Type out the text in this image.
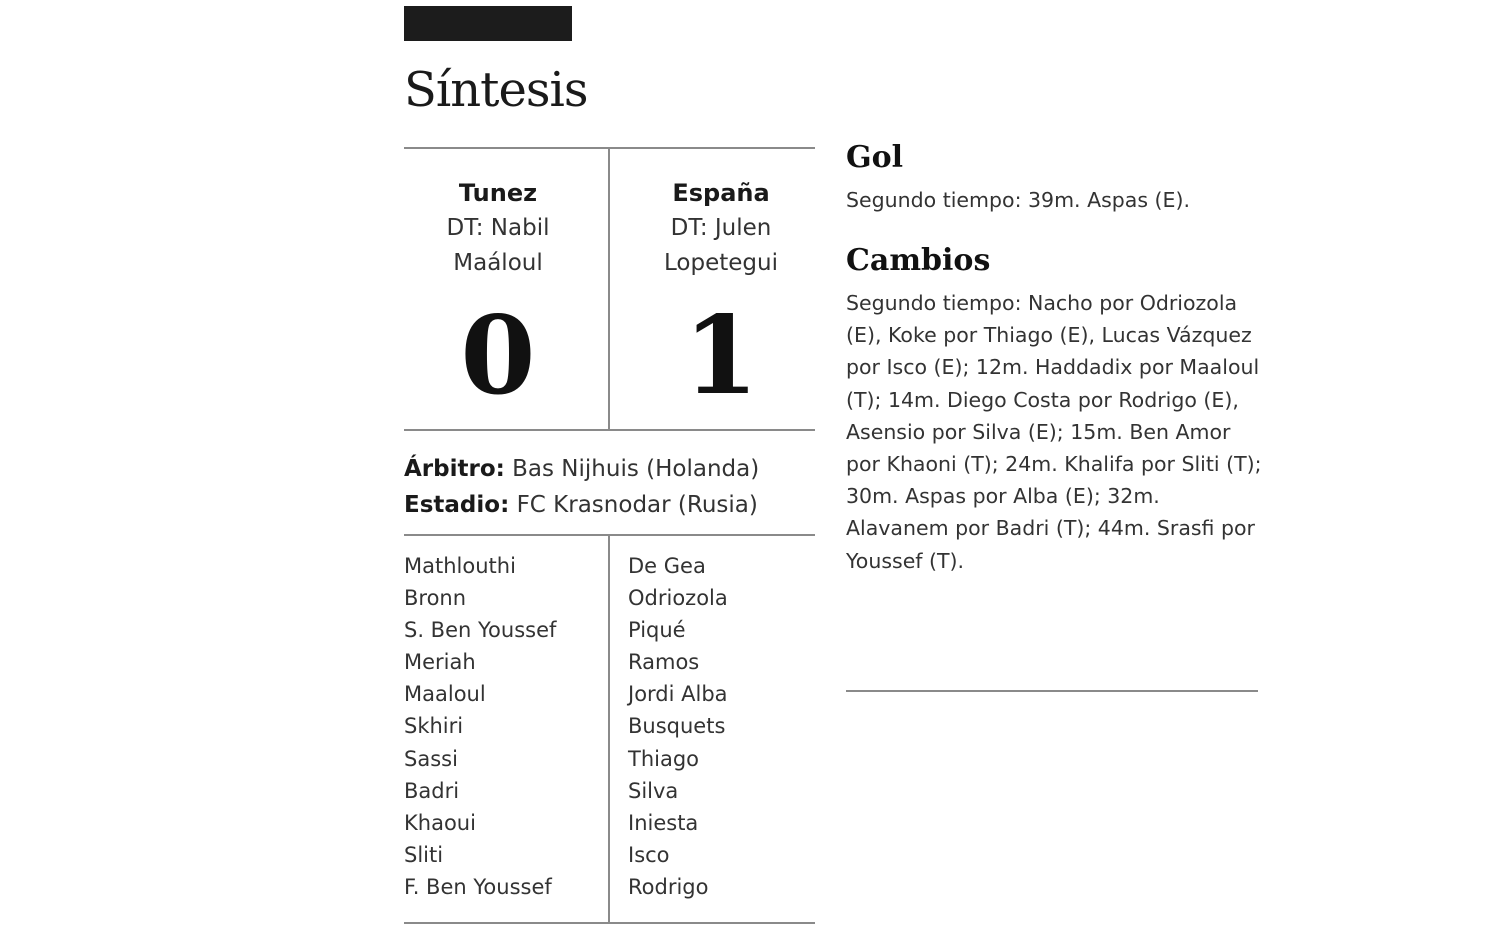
Síntesis
Tunez
DT: Nabil
Maáloul
España
DT: Julen
Lopetegui
0	1
Árbitro: Bas Nijhuis (Holanda)
Estadio: FC Krasnodar (Rusia)
Mathlouthi
Bronn
S. Ben Youssef
Meriah
Maaloul
Skhiri
Sassi
Badri
Khaoui
Sliti
F. Ben Youssef
De Gea
Odriozola
Piqué
Ramos
Jordi Alba
Busquets
Thiago
Silva
Iniesta
Isco
Rodrigo
Gol

Segundo tiempo: 39m. Aspas (E).

Cambios

Segundo tiempo: Nacho por Odriozola (E), Koke por Thiago (E), Lucas Vázquez por Isco (E); 12m. Haddadix por Maaloul (T); 14m. Diego Costa por Rodrigo (E), Asensio por Silva (E); 15m. Ben Amor por Khaoni (T); 24m. Khalifa por Sliti (T); 30m. Aspas por Alba (E); 32m. Alavanem por Badri (T); 44m. Srasfi por Youssef (T).
